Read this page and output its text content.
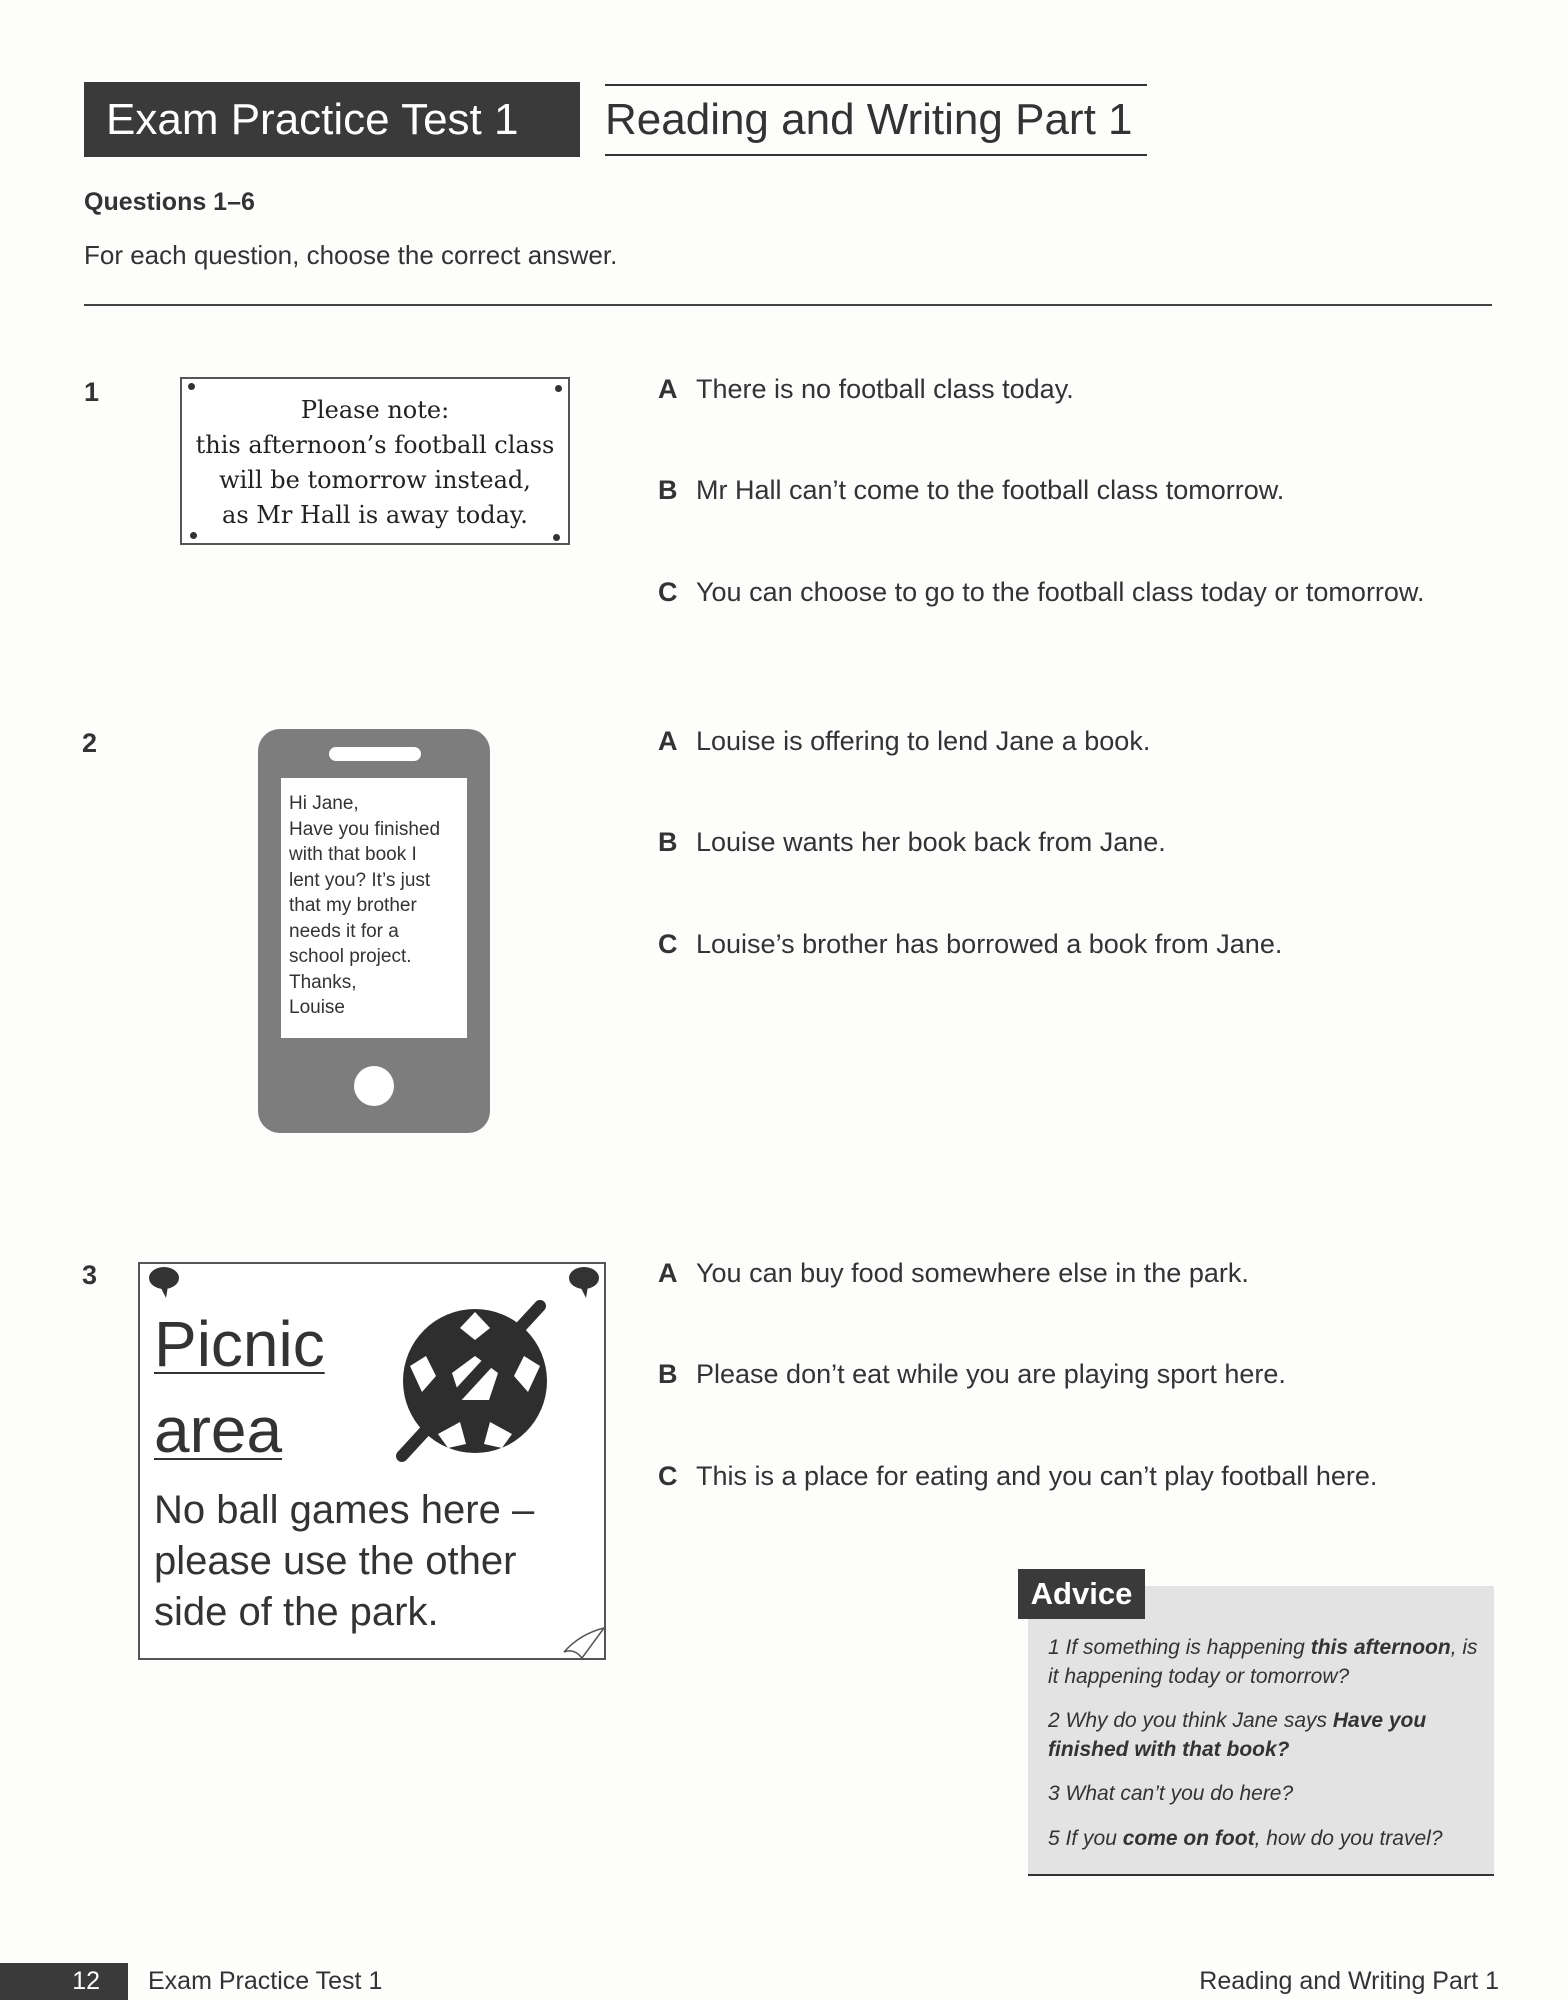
Exam Practice Test 1	Reading and Writing Part 1
Questions 1–6
For each question, choose the correct answer.
1
Please note:
this afternoon’s football class
will be tomorrow instead,
as Mr Hall is away today.
A There is no football class today.
B Mr Hall can’t come to the football class tomorrow.
C You can choose to go to the football class today or tomorrow.
2
Hi Jane,
Have you finished
with that book I
lent you? It’s just
that my brother
needs it for a
school project.
Thanks,
Louise
A Louise is offering to lend Jane a book.
B Louise wants her book back from Jane.
C Louise’s brother has borrowed a book from Jane.
3
Picnic
area
No ball games here – please use the other side of the park.
A You can buy food somewhere else in the park.
B Please don’t eat while you are playing sport here.
C This is a place for eating and you can’t play football here.
Advice
1 If something is happening this afternoon, is it happening today or tomorrow?
2 Why do you think Jane says Have you finished with that book?
3 What can’t you do here?
5 If you come on foot, how do you travel?
12	Exam Practice Test 1	Reading and Writing Part 1
